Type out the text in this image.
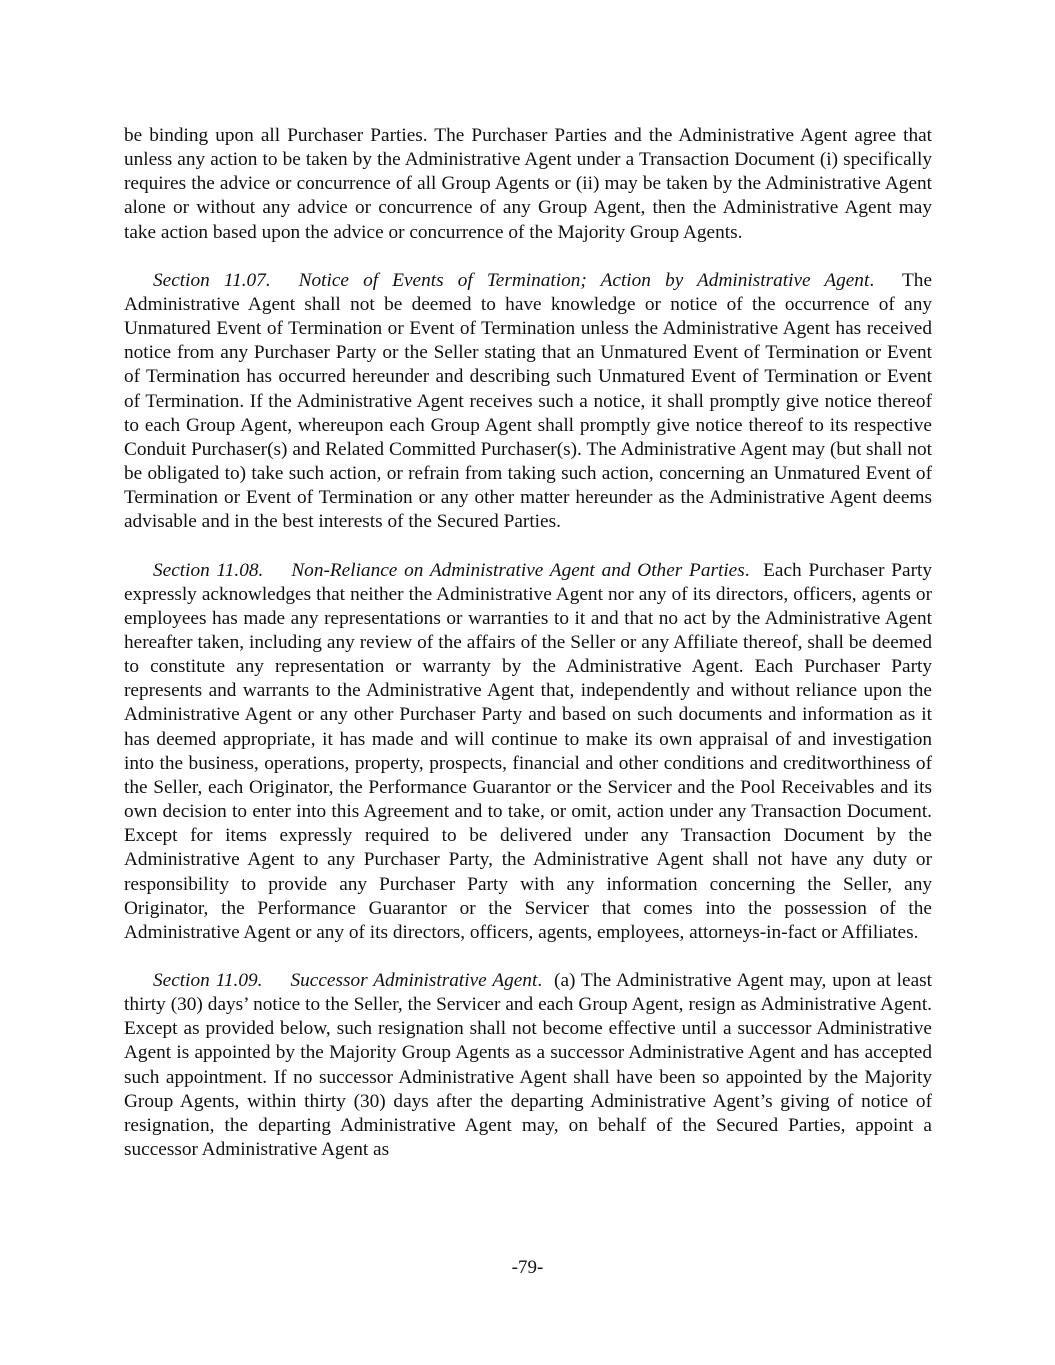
be binding upon all Purchaser Parties. The Purchaser Parties and the Administrative Agent agree that unless any action to be taken by the Administrative Agent under a Transaction Document (i) specifically requires the advice or concurrence of all Group Agents or (ii) may be taken by the Administrative Agent alone or without any advice or concurrence of any Group Agent, then the Administrative Agent may take action based upon the advice or concurrence of the Majority Group Agents.

Section 11.07. Notice of Events of Termination; Action by Administrative Agent.  The Administrative Agent shall not be deemed to have knowledge or notice of the occurrence of any Unmatured Event of Termination or Event of Termination unless the Administrative Agent has received notice from any Purchaser Party or the Seller stating that an Unmatured Event of Termination or Event of Termination has occurred hereunder and describing such Unmatured Event of Termination or Event of Termination. If the Administrative Agent receives such a notice, it shall promptly give notice thereof to each Group Agent, whereupon each Group Agent shall promptly give notice thereof to its respective Conduit Purchaser(s) and Related Committed Purchaser(s). The Administrative Agent may (but shall not be obligated to) take such action, or refrain from taking such action, concerning an Unmatured Event of Termination or Event of Termination or any other matter hereunder as the Administrative Agent deems advisable and in the best interests of the Secured Parties.

Section 11.08. Non-Reliance on Administrative Agent and Other Parties.  Each Purchaser Party expressly acknowledges that neither the Administrative Agent nor any of its directors, officers, agents or employees has made any representations or warranties to it and that no act by the Administrative Agent hereafter taken, including any review of the affairs of the Seller or any Affiliate thereof, shall be deemed to constitute any representation or warranty by the Administrative Agent. Each Purchaser Party represents and warrants to the Administrative Agent that, independently and without reliance upon the Administrative Agent or any other Purchaser Party and based on such documents and information as it has deemed appropriate, it has made and will continue to make its own appraisal of and investigation into the business, operations, property, prospects, financial and other conditions and creditworthiness of the Seller, each Originator, the Performance Guarantor or the Servicer and the Pool Receivables and its own decision to enter into this Agreement and to take, or omit, action under any Transaction Document. Except for items expressly required to be delivered under any Transaction Document by the Administrative Agent to any Purchaser Party, the Administrative Agent shall not have any duty or responsibility to provide any Purchaser Party with any information concerning the Seller, any Originator, the Performance Guarantor or the Servicer that comes into the possession of the Administrative Agent or any of its directors, officers, agents, employees, attorneys-in-fact or Affiliates.

Section 11.09. Successor Administrative Agent.  (a) The Administrative Agent may, upon at least thirty (30) days’ notice to the Seller, the Servicer and each Group Agent, resign as Administrative Agent. Except as provided below, such resignation shall not become effective until a successor Administrative Agent is appointed by the Majority Group Agents as a successor Administrative Agent and has accepted such appointment. If no successor Administrative Agent shall have been so appointed by the Majority Group Agents, within thirty (30) days after the departing Administrative Agent’s giving of notice of resignation, the departing Administrative Agent may, on behalf of the Secured Parties, appoint a successor Administrative Agent as

-79-
